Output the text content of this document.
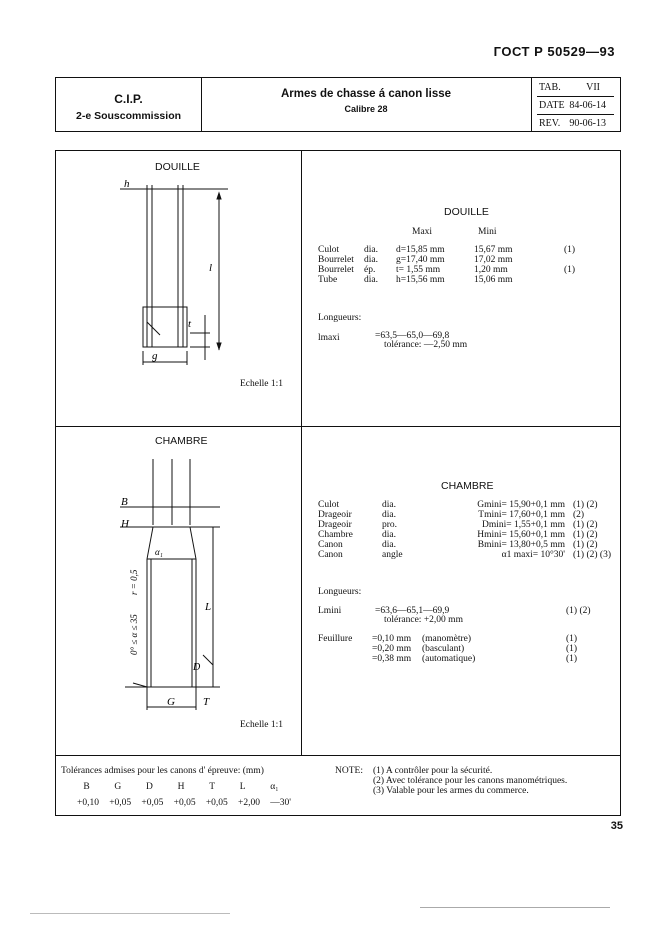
ГОСТ Р 50529—93
C.I.P.
2-e Souscommission
Armes de chasse á canon lisse
Calibre 28
TAB.	VII
DATE 84-06-14
REV. 90-06-13
DOUILLE
h
l
t
g
Echelle 1:1
DOUILLE
Maxi	Mini
Culot	dia.	d=15,85 mm	15,67 mm	(1)
Bourrelet	dia.	g=17,40 mm	17,02 mm	
Bourrelet	ép.	t= 1,55 mm	1,20 mm	(1)
Tube	dia.	h=15,56 mm	15,06 mm	
Longueurs:
lmaxi	=63,5—65,0—69,8
tolérance: —2,50 mm
CHAMBRE
B
H
α₁
L
T
G
D
0° ≤ α ≤ 35
r = 0,5
Echelle 1:1
CHAMBRE
Culot	dia.	Gmini= 15,90+0,1 mm	(1) (2)
Drageoir	dia.	Tmini= 17,60+0,1 mm	(2)
Drageoir	pro.	Dmini= 1,55+0,1 mm	(1) (2)
Chambre	dia.	Hmini= 15,60+0,1 mm	(1) (2)
Canon	dia.	Bmini= 13,80+0,5 mm	(1) (2)
Canon	angle	α1 maxi= 10°30'	(1) (2) (3)
Longueurs:
Lmini	=63,6—65,1—69,9	(1) (2)
tolérance: +2,00 mm
Feuillure =0,10 mm	(manomètre)	(1)
=0,20 mm	(basculant)	(1)
=0,38 mm	(automatique)	(1)
Tolérances admises pour les canons d' épreuve: (mm)
B	G	D	H	T	L	α₁
+0,10 +0,05 +0,05 +0,05 +0,05 +2,00 —30'
NOTE: (1) A contrôler pour la sécurité.
(2) Avec tolérance pour les canons manométriques.
(3) Valable pour les armes du commerce.
35
